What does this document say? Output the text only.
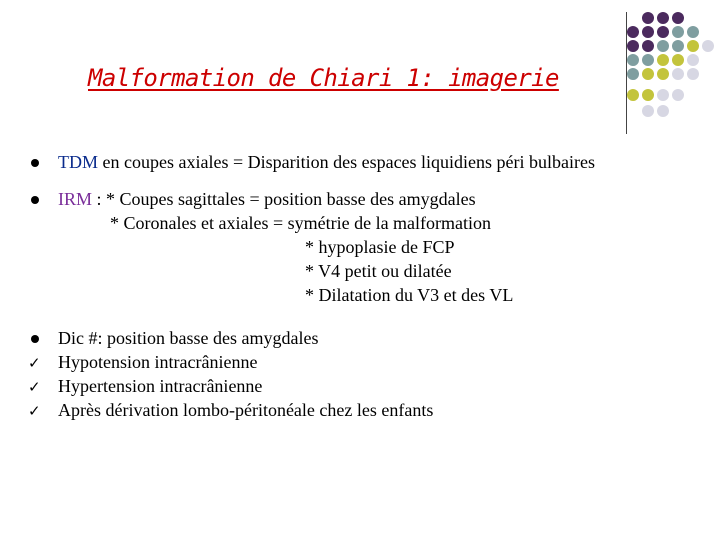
Malformation de Chiari 1: imagerie
TDM en coupes axiales = Disparition des espaces liquidiens péri bulbaires
IRM : * Coupes sagittales = position basse des amygdales
* Coronales et axiales = symétrie de la malformation
* hypoplasie de FCP
* V4 petit ou dilatée
* Dilatation du V3 et des VL
Dic #: position basse des amygdales
✓ Hypotension intracrânienne
✓ Hypertension intracrânienne
✓ Après dérivation lombo-péritonéale chez les enfants
